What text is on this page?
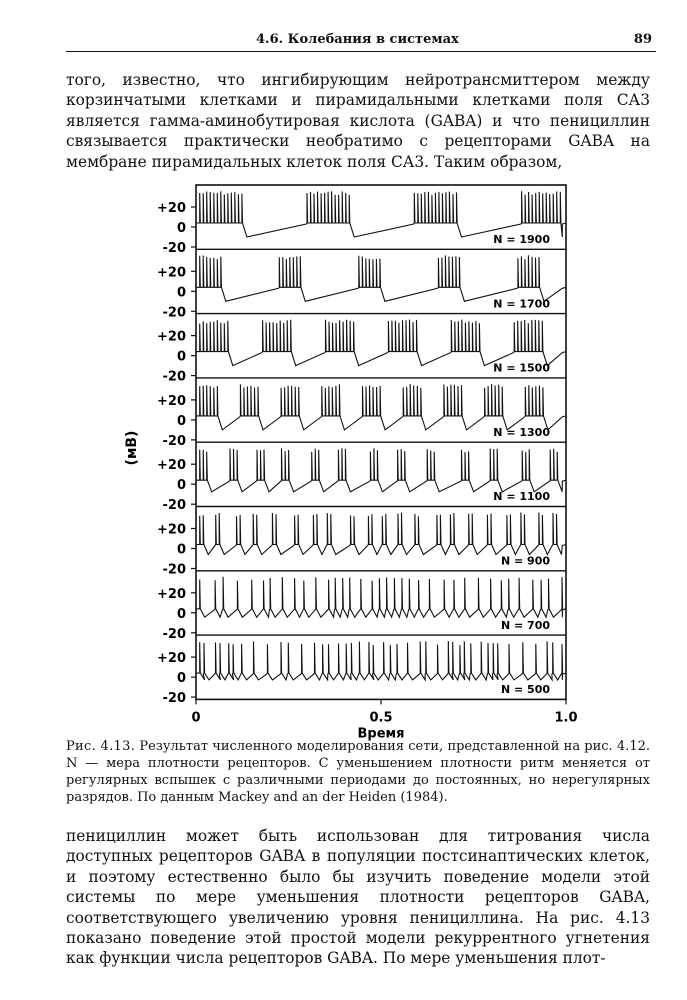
4.6. Колебания в системах	89

того, известно, что ингибирующим нейротрансмиттером между корзинчатыми клетками и пирамидальными клетками поля СА3 является гамма-аминобутировая кислота (GABA) и что пенициллин связывается практически необратимо с рецепторами GABA на мембране пирамидальных клеток поля СА3. Таким образом,

+20
0
-20
N = 1900
+20
0
-20
N = 1700
+20
0
-20
N = 1500
+20
0
-20
N = 1300
+20
0
-20
N = 1100
+20
0
-20
N = 900
+20
0
-20
N = 700
+20
0
-20
N = 500
0	0.5	1.0
Время
(мВ)

Рис. 4.13. Результат численного моделирования сети, представленной на рис. 4.12. N — мера плотности рецепторов. С уменьшением плотности ритм меняется от регулярных вспышек с различными периодами до постоянных, но нерегулярных разрядов. По данным Mackey and an der Heiden (1984).

пенициллин может быть использован для титрования числа доступных рецепторов GABA в популяции постсинаптических клеток, и поэтому естественно было бы изучить поведение модели этой системы по мере уменьшения плотности рецепторов GABA, соответствующего увеличению уровня пенициллина. На рис. 4.13 показано поведение этой простой модели рекуррентного угнетения как функции числа рецепторов GABA. По мере уменьшения плот-
